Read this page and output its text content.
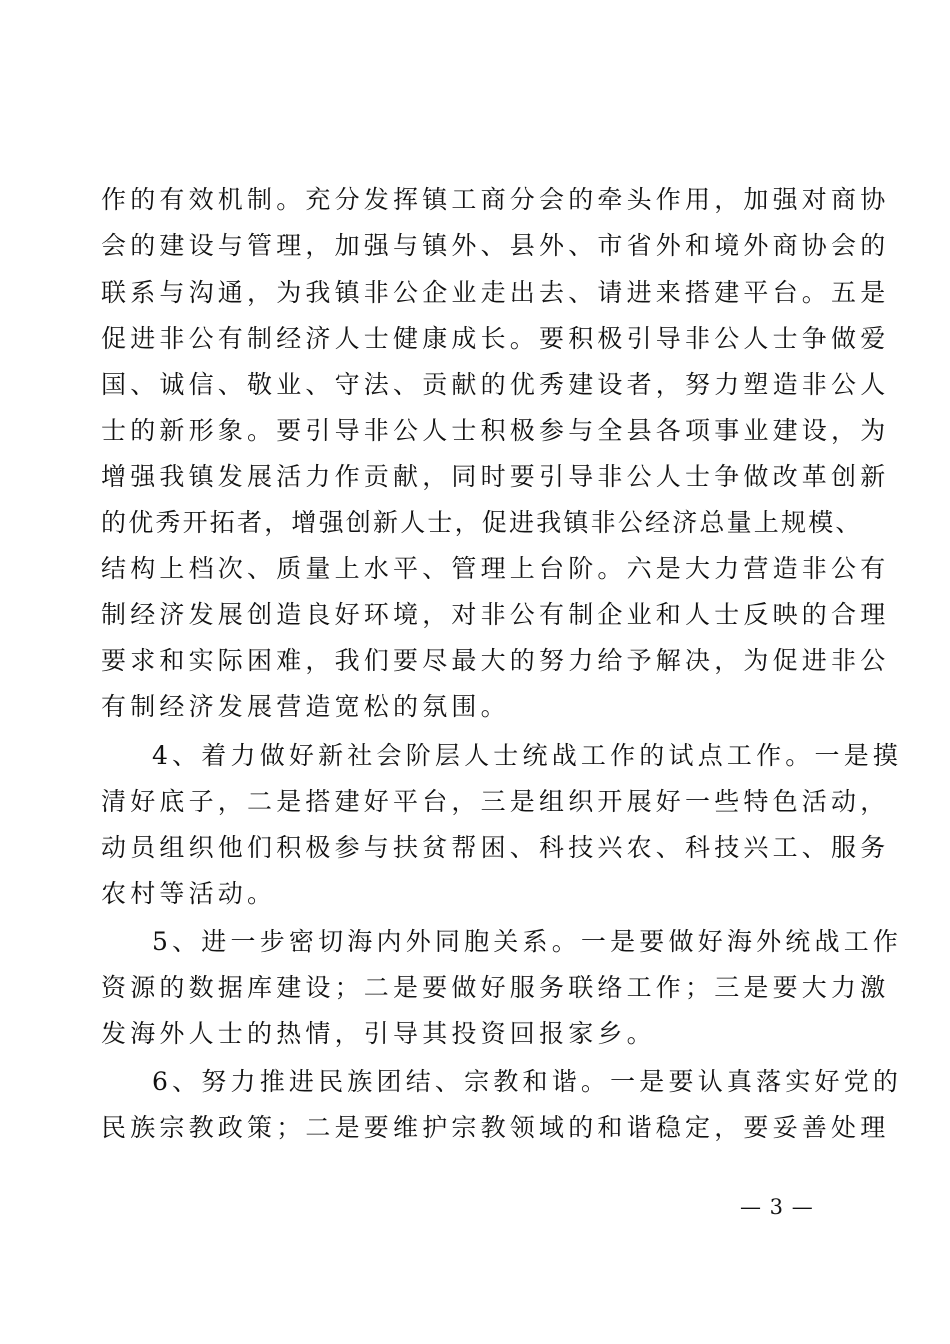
作的有效机制。充分发挥镇工商分会的牵头作用，加强对商协
会的建设与管理，加强与镇外、县外、市省外和境外商协会的
联系与沟通，为我镇非公企业走出去、请进来搭建平台。五是
促进非公有制经济人士健康成长。要积极引导非公人士争做爱
国、诚信、敬业、守法、贡献的优秀建设者，努力塑造非公人
士的新形象。要引导非公人士积极参与全县各项事业建设，为
增强我镇发展活力作贡献，同时要引导非公人士争做改革创新
的优秀开拓者，增强创新人士，促进我镇非公经济总量上规模、
结构上档次、质量上水平、管理上台阶。六是大力营造非公有
制经济发展创造良好环境，对非公有制企业和人士反映的合理
要求和实际困难，我们要尽最大的努力给予解决，为促进非公
有制经济发展营造宽松的氛围。
4、着力做好新社会阶层人士统战工作的试点工作。一是摸
清好底子，二是搭建好平台，三是组织开展好一些特色活动，
动员组织他们积极参与扶贫帮困、科技兴农、科技兴工、服务
农村等活动。
5、进一步密切海内外同胞关系。一是要做好海外统战工作
资源的数据库建设；二是要做好服务联络工作；三是要大力激
发海外人士的热情，引导其投资回报家乡。
6、努力推进民族团结、宗教和谐。一是要认真落实好党的
民族宗教政策；二是要维护宗教领域的和谐稳定，要妥善处理
— 3 —
